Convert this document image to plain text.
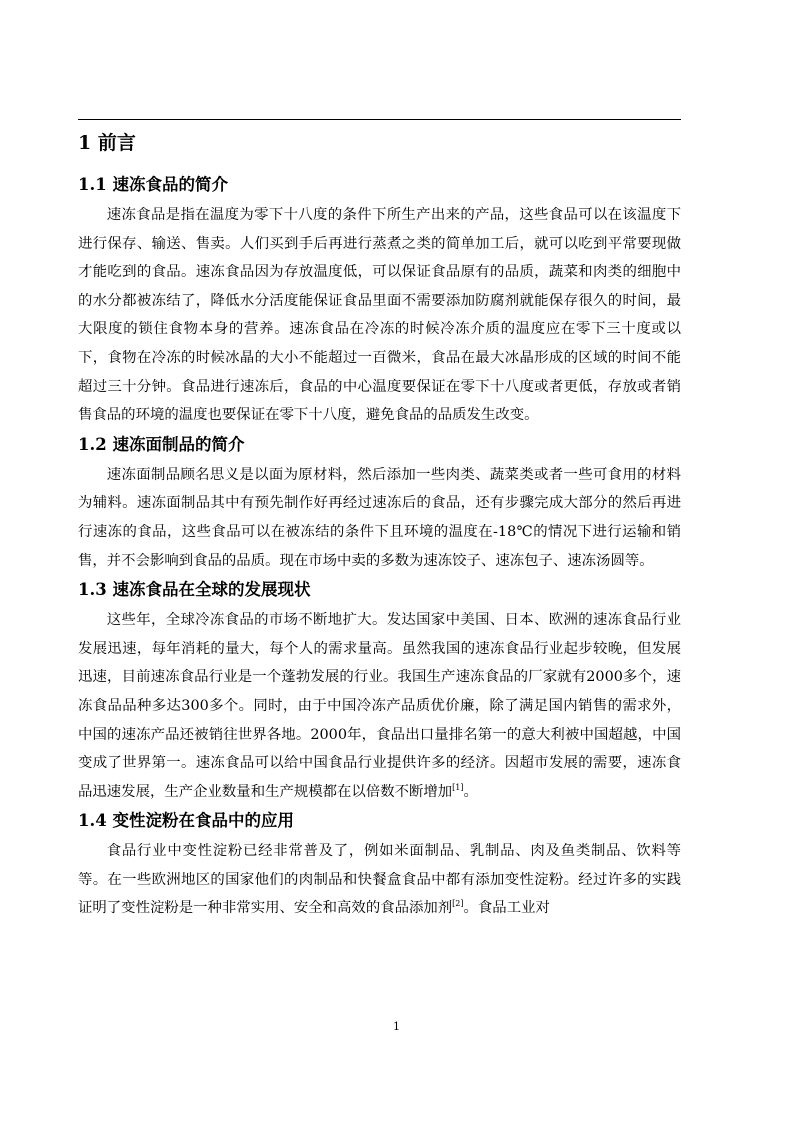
1 前言
1.1 速冻食品的简介

速冻食品是指在温度为零下十八度的条件下所生产出来的产品，这些食品可以在该温度下进行保存、输送、售卖。人们买到手后再进行蒸煮之类的简单加工后，就可以吃到平常要现做才能吃到的食品。速冻食品因为存放温度低，可以保证食品原有的品质，蔬菜和肉类的细胞中的水分都被冻结了，降低水分活度能保证食品里面不需要添加防腐剂就能保存很久的时间，最大限度的锁住食物本身的营养。速冻食品在冷冻的时候冷冻介质的温度应在零下三十度或以下，食物在冷冻的时候冰晶的大小不能超过一百微米，食品在最大冰晶形成的区域的时间不能超过三十分钟。食品进行速冻后，食品的中心温度要保证在零下十八度或者更低，存放或者销售食品的环境的温度也要保证在零下十八度，避免食品的品质发生改变。

1.2 速冻面制品的简介

速冻面制品顾名思义是以面为原材料，然后添加一些肉类、蔬菜类或者一些可食用的材料为辅料。速冻面制品其中有预先制作好再经过速冻后的食品，还有步骤完成大部分的然后再进行速冻的食品，这些食品可以在被冻结的条件下且环境的温度在-18℃的情况下进行运输和销售，并不会影响到食品的品质。现在市场中卖的多数为速冻饺子、速冻包子、速冻汤圆等。

1.3 速冻食品在全球的发展现状

这些年，全球冷冻食品的市场不断地扩大。发达国家中美国、日本、欧洲的速冻食品行业发展迅速，每年消耗的量大，每个人的需求量高。虽然我国的速冻食品行业起步较晚，但发展迅速，目前速冻食品行业是一个蓬勃发展的行业。我国生产速冻食品的厂家就有2000多个，速冻食品品种多达300多个。同时，由于中国冷冻产品质优价廉，除了满足国内销售的需求外，中国的速冻产品还被销往世界各地。2000年，食品出口量排名第一的意大利被中国超越，中国变成了世界第一。速冻食品可以给中国食品行业提供许多的经济。因超市发展的需要，速冻食品迅速发展，生产企业数量和生产规模都在以倍数不断增加[1]。

1.4 变性淀粉在食品中的应用

食品行业中变性淀粉已经非常普及了，例如米面制品、乳制品、肉及鱼类制品、饮料等等。在一些欧洲地区的国家他们的肉制品和快餐盒食品中都有添加变性淀粉。经过许多的实践证明了变性淀粉是一种非常实用、安全和高效的食品添加剂[2]。食品工业对

1
